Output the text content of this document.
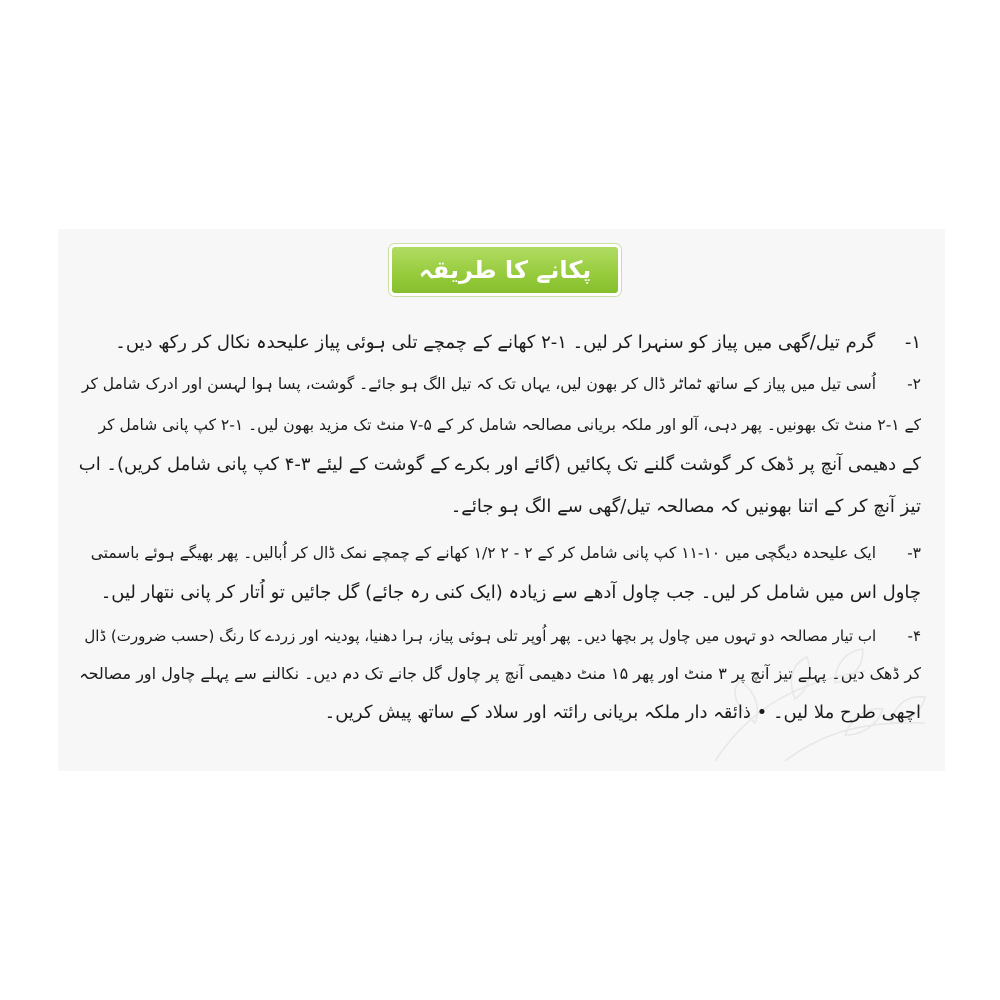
پکانے کا طریقہ
۱- گرم تیل/گھی میں پیاز کو سنہرا کر لیں۔ ۱-۲ کھانے کے چمچے تلی ہوئی پیاز علیحدہ نکال کر رکھ دیں۔
۲- اُسی تیل میں پیاز کے ساتھ ٹماٹر ڈال کر بھون لیں، یہاں تک کہ تیل الگ ہو جائے۔ گوشت، پسا ہوا لہسن اور ادرک شامل کر
کے ۱-۲ منٹ تک بھونیں۔ پھر دہی، آلو اور ملکہ بریانی مصالحہ شامل کر کے ۵-۷ منٹ تک مزید بھون لیں۔ ۱-۲ کپ پانی شامل کر
کے دھیمی آنچ پر ڈھک کر گوشت گلنے تک پکائیں (گائے اور بکرے کے گوشت کے لیئے ۳-۴ کپ پانی شامل کریں)۔ اب
تیز آنچ کر کے اتنا بھونیں کہ مصالحہ تیل/گھی سے الگ ہو جائے۔
۳- ایک علیحدہ دیگچی میں ۱۰-۱۱ کپ پانی شامل کر کے ۲ - ۲ ۱/۲ کھانے کے چمچے نمک ڈال کر اُبالیں۔ پھر بھیگے ہوئے باسمتی
چاول اس میں شامل کر لیں۔ جب چاول آدھے سے زیادہ (ایک کنی رہ جائے) گل جائیں تو اُتار کر پانی نتھار لیں۔
۴- اب تیار مصالحہ دو تہوں میں چاول پر بچھا دیں۔ پھر اُوپر تلی ہوئی پیاز، ہرا دھنیا، پودینہ اور زردے کا رنگ (حسب ضرورت) ڈال
کر ڈھک دیں۔ پہلے تیز آنچ پر ۳ منٹ اور پھر ۱۵ منٹ دھیمی آنچ پر چاول گل جانے تک دم دیں۔ نکالنے سے پہلے چاول اور مصالحہ
اچھی طرح ملا لیں۔ • ذائقہ دار ملکہ بریانی رائتہ اور سلاد کے ساتھ پیش کریں۔
